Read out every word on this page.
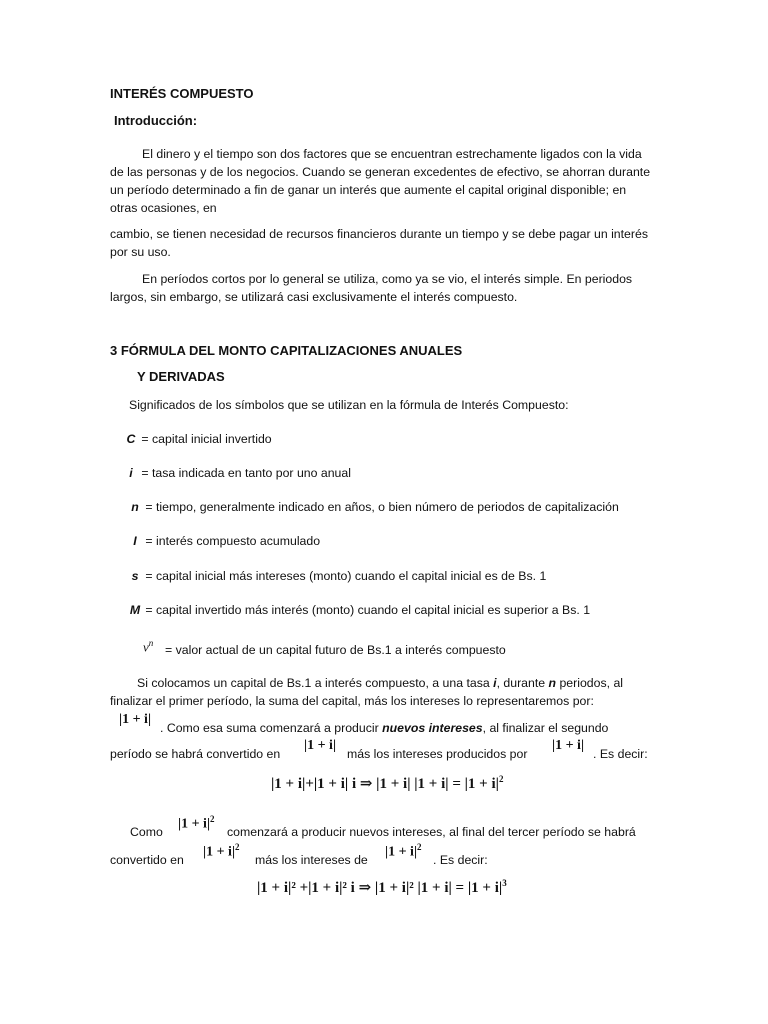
INTERÉS COMPUESTO
Introducción:
El dinero y el tiempo son dos factores que se encuentran estrechamente ligados con la vida de las personas y de los negocios. Cuando se generan excedentes de efectivo, se ahorran durante un período determinado a fin de ganar un interés que aumente el capital original disponible; en otras ocasiones, en
cambio, se tienen necesidad de recursos financieros durante un tiempo y se debe pagar un interés por su uso.
En períodos cortos por lo general se utiliza, como ya se vio, el interés simple. En periodos largos, sin embargo, se utilizará casi exclusivamente el interés compuesto.
3 FÓRMULA DEL MONTO CAPITALIZACIONES ANUALES
Y DERIVADAS
Significados de los símbolos que se utilizan en la fórmula de Interés Compuesto:
C = capital inicial invertido
i = tasa indicada en tanto por uno anual
n = tiempo, generalmente indicado en años, o bien número de periodos de capitalización
I = interés compuesto acumulado
s = capital inicial más intereses (monto) cuando el capital inicial es de Bs. 1
M = capital invertido más interés (monto) cuando el capital inicial es superior a Bs. 1
$v^n$ = valor actual de un capital futuro de Bs.1 a interés compuesto
Si colocamos un capital de Bs.1 a interés compuesto, a una tasa i, durante n periodos, al
finalizar el primer período, la suma del capital, más los intereses lo representaremos por:
|1 + i|
. Como esa suma comenzará a producir nuevos intereses, al finalizar el segundo
período se habrá convertido en
|1 + i|
más los intereses producidos por
|1 + i|
. Es decir:
|1 + i|+|1 + i| i ⇒ |1 + i| $|1 + i| = |1 + i|^2$
Como
$|1 + i|^2$
comenzará a producir nuevos intereses, al final del tercer período se habrá
convertido en
$|1 + i|^2$
más los intereses de
$|1 + i|^2$
. Es decir:
|1 + i|² +|1 + i|² i ⇒ |1 + i|² $|1 + i| = |1 + i|^3$
